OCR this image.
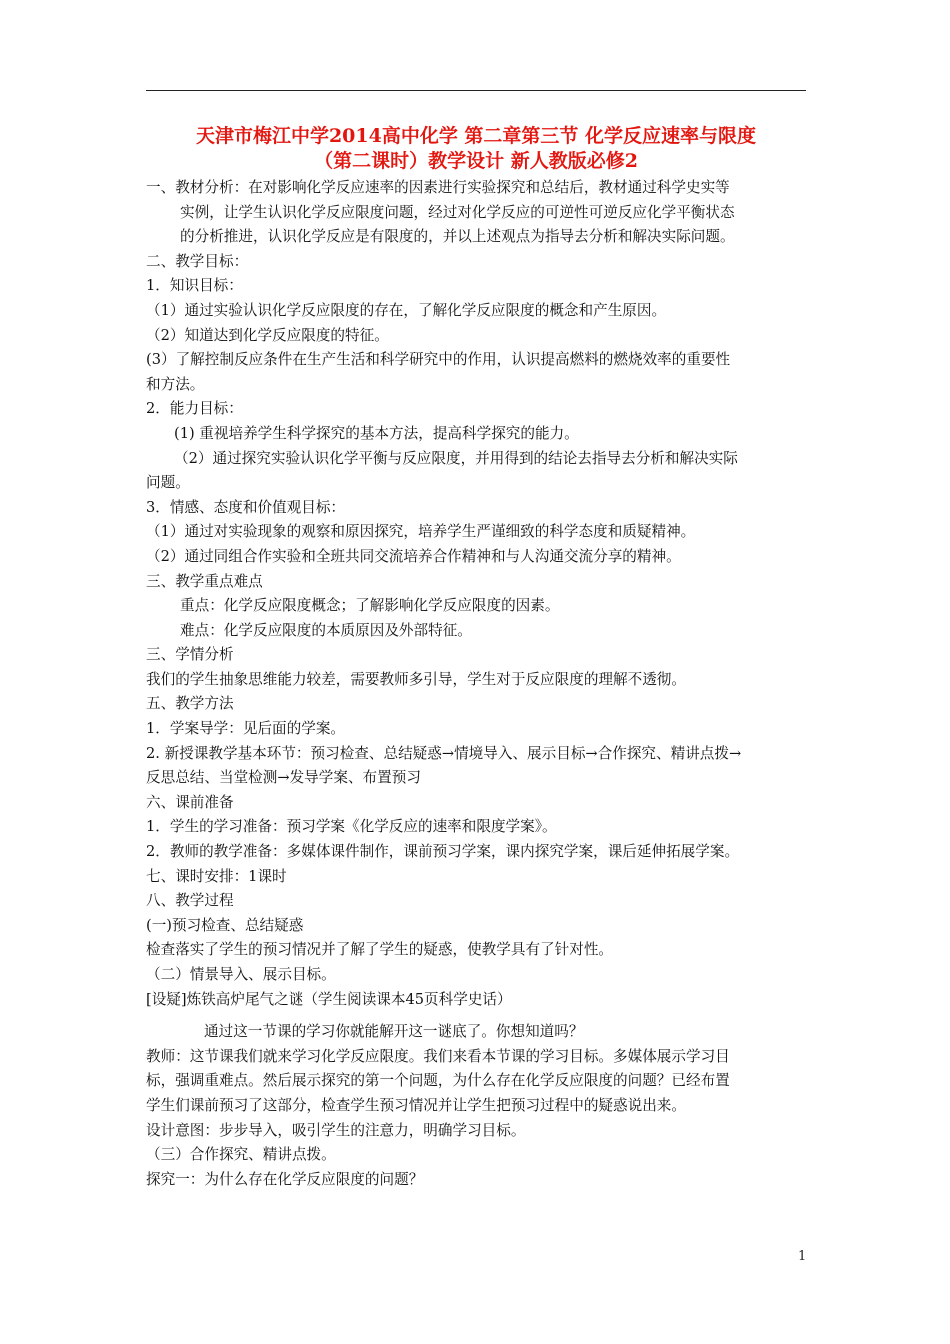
天津市梅江中学2014高中化学 第二章第三节 化学反应速率与限度
（第二课时）教学设计 新人教版必修2
一、教材分析：在对影响化学反应速率的因素进行实验探究和总结后，教材通过科学史实等
实例，让学生认识化学反应限度问题，经过对化学反应的可逆性可逆反应化学平衡状态
的分析推进，认识化学反应是有限度的，并以上述观点为指导去分析和解决实际问题。
二、教学目标：
1．知识目标：
（1）通过实验认识化学反应限度的存在，了解化学反应限度的概念和产生原因。
（2）知道达到化学反应限度的特征。
(3）了解控制反应条件在生产生活和科学研究中的作用，认识提高燃料的燃烧效率的重要性
和方法。
2．能力目标：
(1) 重视培养学生科学探究的基本方法，提高科学探究的能力。
（2）通过探究实验认识化学平衡与反应限度，并用得到的结论去指导去分析和解决实际
问题。
3．情感、态度和价值观目标：
（1）通过对实验现象的观察和原因探究，培养学生严谨细致的科学态度和质疑精神。
（2）通过同组合作实验和全班共同交流培养合作精神和与人沟通交流分享的精神。
三、教学重点难点
重点：化学反应限度概念；了解影响化学反应限度的因素。
难点：化学反应限度的本质原因及外部特征。
三、学情分析
我们的学生抽象思维能力较差，需要教师多引导，学生对于反应限度的理解不透彻。
五、教学方法
1．学案导学：见后面的学案。
2. 新授课教学基本环节：预习检查、总结疑惑→情境导入、展示目标→合作探究、精讲点拨→
反思总结、当堂检测→发导学案、布置预习
六、课前准备
1．学生的学习准备：预习学案《化学反应的速率和限度学案》。
2．教师的教学准备：多媒体课件制作，课前预习学案，课内探究学案，课后延伸拓展学案。
七、课时安排：1课时
八、教学过程
(一)预习检查、总结疑惑
检查落实了学生的预习情况并了解了学生的疑惑，使教学具有了针对性。
（二）情景导入、展示目标。
[设疑]炼铁高炉尾气之谜（学生阅读课本45页科学史话）
通过这一节课的学习你就能解开这一谜底了。你想知道吗？
教师：这节课我们就来学习化学反应限度。我们来看本节课的学习目标。多媒体展示学习目
标，强调重难点。然后展示探究的第一个问题，为什么存在化学反应限度的问题？已经布置
学生们课前预习了这部分，检查学生预习情况并让学生把预习过程中的疑惑说出来。
设计意图：步步导入，吸引学生的注意力，明确学习目标。
（三）合作探究、精讲点拨。
探究一：为什么存在化学反应限度的问题？
1
